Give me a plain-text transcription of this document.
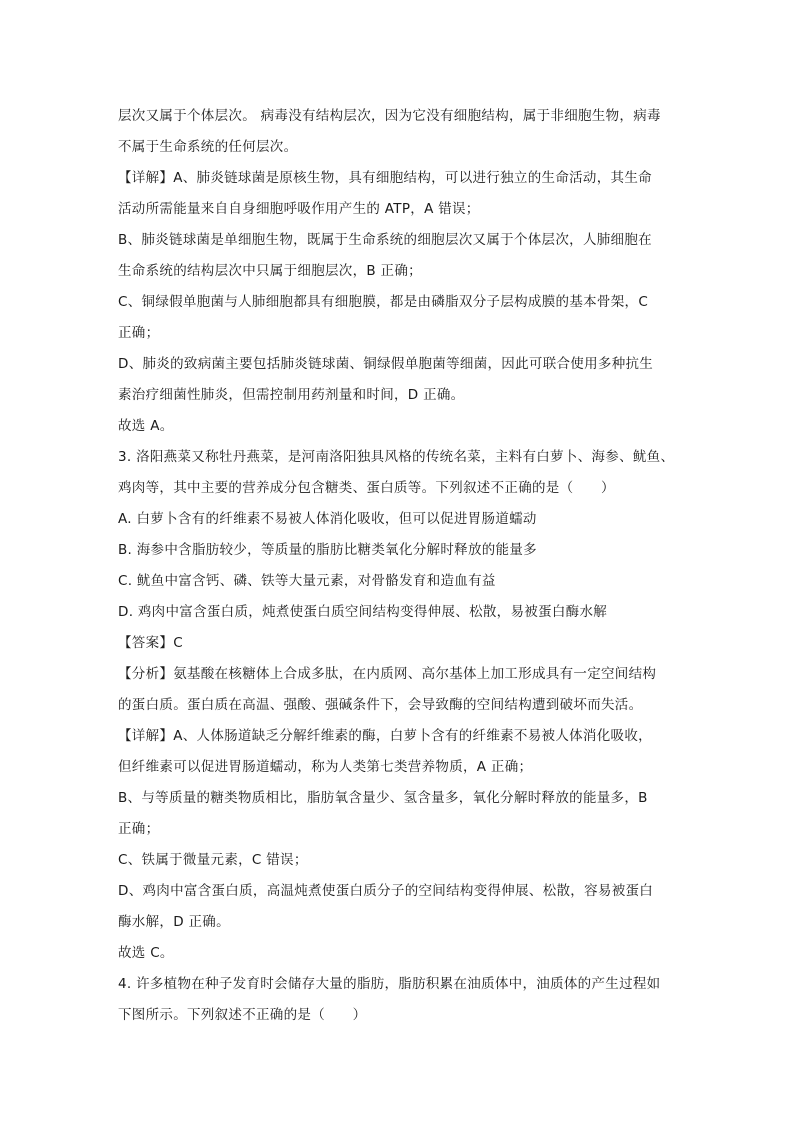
层次又属于个体层次。 病毒没有结构层次，因为它没有细胞结构，属于非细胞生物，病毒
不属于生命系统的任何层次。
【详解】A、肺炎链球菌是原核生物，具有细胞结构，可以进行独立的生命活动，其生命
活动所需能量来自自身细胞呼吸作用产生的 ATP，A 错误；
B、肺炎链球菌是单细胞生物，既属于生命系统的细胞层次又属于个体层次，人肺细胞在
生命系统的结构层次中只属于细胞层次，B 正确；
C、铜绿假单胞菌与人肺细胞都具有细胞膜，都是由磷脂双分子层构成膜的基本骨架，C
正确；
D、肺炎的致病菌主要包括肺炎链球菌、铜绿假单胞菌等细菌，因此可联合使用多种抗生
素治疗细菌性肺炎，但需控制用药剂量和时间，D 正确。
故选 A。
3. 洛阳燕菜又称牡丹燕菜，是河南洛阳独具风格的传统名菜，主料有白萝卜、海参、鱿鱼、
鸡肉等，其中主要的营养成分包含糖类、蛋白质等。下列叙述不正确的是（　　）
A. 白萝卜含有的纤维素不易被人体消化吸收，但可以促进胃肠道蠕动
B. 海参中含脂肪较少，等质量的脂肪比糖类氧化分解时释放的能量多
C. 鱿鱼中富含钙、磷、铁等大量元素，对骨骼发育和造血有益
D. 鸡肉中富含蛋白质，炖煮使蛋白质空间结构变得伸展、松散，易被蛋白酶水解
【答案】C
【分析】氨基酸在核糖体上合成多肽，在内质网、高尔基体上加工形成具有一定空间结构
的蛋白质。蛋白质在高温、强酸、强碱条件下，会导致酶的空间结构遭到破坏而失活。
【详解】A、人体肠道缺乏分解纤维素的酶，白萝卜含有的纤维素不易被人体消化吸收，
但纤维素可以促进胃肠道蠕动，称为人类第七类营养物质，A 正确；
B、与等质量的糖类物质相比，脂肪氧含量少、氢含量多，氧化分解时释放的能量多，B
正确；
C、铁属于微量元素，C 错误；
D、鸡肉中富含蛋白质，高温炖煮使蛋白质分子的空间结构变得伸展、松散，容易被蛋白
酶水解，D 正确。
故选 C。
4. 许多植物在种子发育时会储存大量的脂肪，脂肪积累在油质体中，油质体的产生过程如
下图所示。下列叙述不正确的是（　　）
